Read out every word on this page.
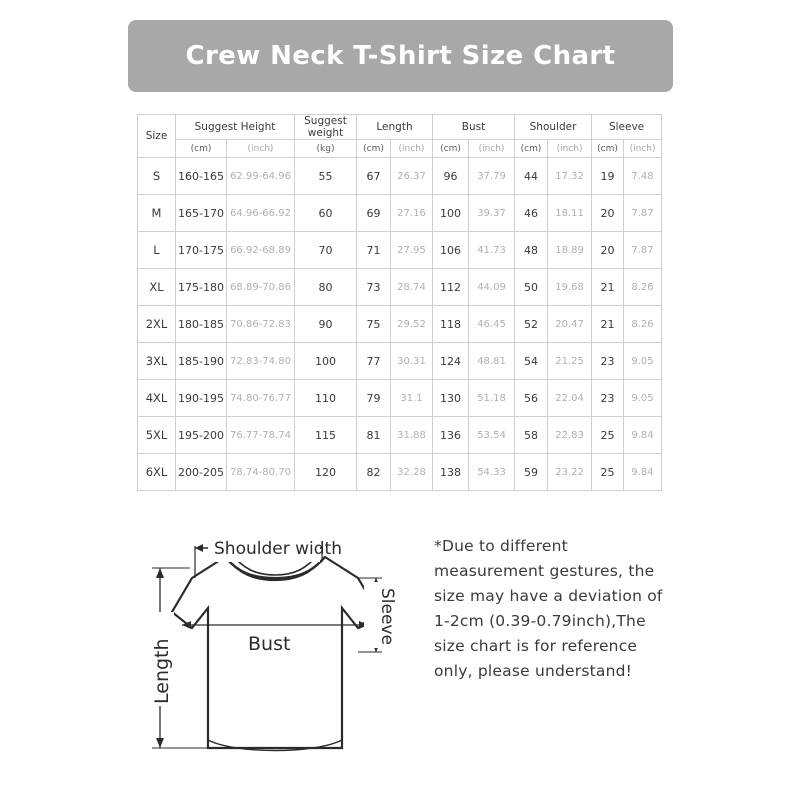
Crew Neck T-Shirt Size Chart
Size	Suggest Height		Suggest weight	Length		Bust		Shoulder		Sleeve	
	(cm)	(inch)	(kg)	(cm)	(inch)	(cm)	(inch)	(cm)	(inch)	(cm)	(inch)
S	160-165	62.99-64.96	55	67	26.37	96	37.79	44	17.32	19	7.48
M	165-170	64.96-66.92	60	69	27.16	100	39.37	46	18.11	20	7.87
L	170-175	66.92-68.89	70	71	27.95	106	41.73	48	18.89	20	7.87
XL	175-180	68.89-70.86	80	73	28.74	112	44.09	50	19.68	21	8.26
2XL	180-185	70.86-72.83	90	75	29.52	118	46.45	52	20.47	21	8.26
3XL	185-190	72.83-74.80	100	77	30.31	124	48.81	54	21.25	23	9.05
4XL	190-195	74.80-76.77	110	79	31.1	130	51.18	56	22.04	23	9.05
5XL	195-200	76.77-78.74	115	81	31.88	136	53.54	58	22.83	25	9.84
6XL	200-205	78.74-80.70	120	82	32.28	138	54.33	59	23.22	25	9.84
Shoulder width
Bust	Sleeve
Length
*Due to different measurement gestures, the size may have a deviation of 1-2cm (0.39-0.79inch),The size chart is for reference only, please understand!
